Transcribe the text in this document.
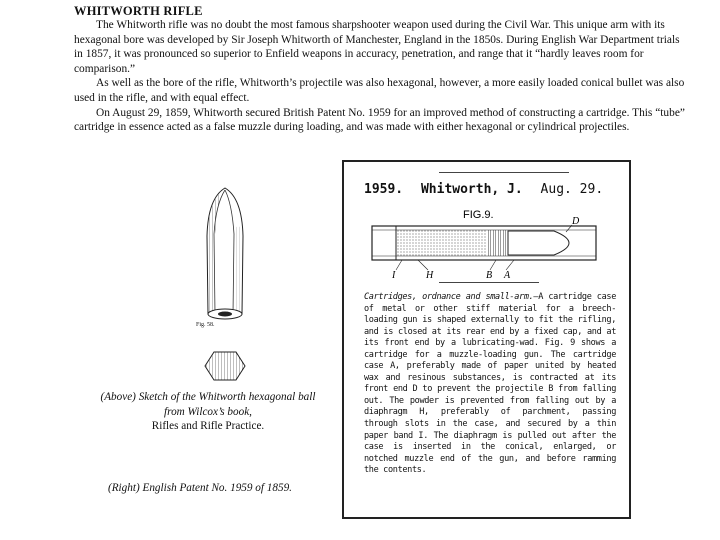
WHITWORTH RIFLE

The Whitworth rifle was no doubt the most famous sharpshooter weapon used during the Civil War. This unique arm with its hexagonal bore was developed by Sir Joseph Whitworth of Manchester, England in the 1850s. During English War Department trials in 1857, it was pronounced so superior to Enfield weapons in accuracy, penetration, and range that it “hardly leaves room for comparison.”

As well as the bore of the rifle, Whitworth’s projectile was also hexagonal, however, a more easily loaded conical bullet was also used in the rifle, and with equal effect.

On August 29, 1859, Whitworth secured British Patent No. 1959 for an improved method of constructing a cartridge. This “tube” cartridge in essence acted as a false muzzle during loading, and was made with either hexagonal or cylindrical projectiles.

Fig. 58.
(Above) Sketch of the Whitworth hexagonal ball
from Wilcox’s book,
Rifles and Rifle Practice.
(Right) English Patent No. 1959 of 1859.
1959. Whitworth, J. Aug. 29.
FIG.9.
D
I	H	B A
Cartridges, ordnance and small-arm.—A cartridge case of metal or other stiff material for a breech-loading gun is shaped externally to fit the rifling, and is closed at its rear end by a fixed cap, and at its front end by a lubricating-wad. Fig. 9 shows a cartridge for a muzzle-loading gun. The cartridge case A, preferably made of paper united by heated wax and resinous substances, is contracted at its front end D to prevent the projectile B from falling out. The powder is prevented from falling out by a diaphragm H, preferably of parchment, passing through slots in the case, and secured by a thin paper band I. The diaphragm is pulled out after the case is inserted in the conical, enlarged, or notched muzzle end of the gun, and before ramming the contents.
